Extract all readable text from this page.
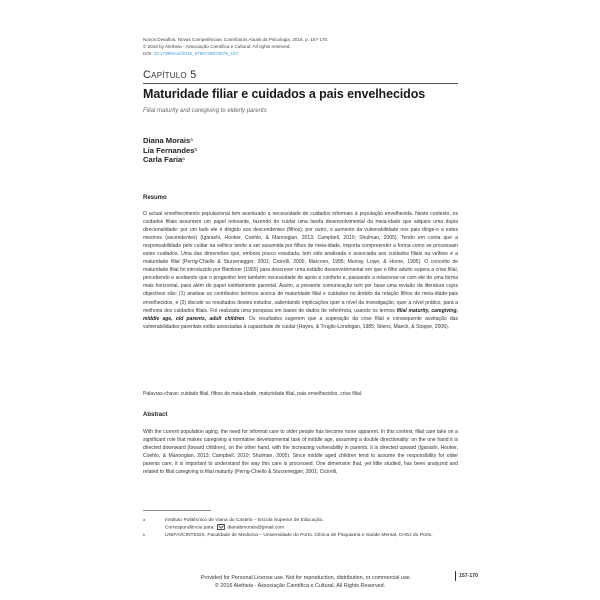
Novos Desafios, Novas Competências: Contributos Atuais da Psicologia, 2016, p. 157-170.
© 2016 by Aletheia - Associação Científica e Cultural. All rights reserved.
DOI 10.17990/Axi/2016_9789726972679_157
CAPÍTULO 5
Maturidade filiar e cuidados a pais envelhecidos
Filial maturity and caregiving to elderly parents
Diana Morais$^a$
Lia Fernandes$^b$
Carla Faria$^a$
Resumo
O actual envelhecimento populacional tem acentuado a necessidade de cuidados informais à população envelhecida. Neste contexto, os cuidados filiais assumem um papel relevante, fazendo do cuidar uma tarefa desenvolvimental da meia-idade que adquire uma dupla direcionalidade: por um lado ele é dirigido aos descendentes (filhos), por outro, o aumento da vulnerabilidade nos pais dirige-o a estes mesmos (ascendentes) (Igarashi, Hooker, Coehlo, & Manoogian, 2013; Campbell, 2010; Shulman, 2005). Tendo em conta que a responsabilidade pelo cuidar na velhice tende a ser assumida por filhos de meia-idade, importa compreender a forma como se processam estes cuidados. Uma das dimensões que, embora pouco estudada, tem sido analisada e associada aos cuidados filiais na velhice é a maturidade filial (Perrig-Chiello & Sturzenegger, 2001; Cicirelli, 2000, Marcoen, 1995; Murray, Lowe, & Horne, 1995). O conceito de maturidade filial foi introduzido por Blenkner (1965) para descrever uma estádio desenvolvimental em que o filho adulto supera a crise filial, percebendo e aceitando que o progenitor tem também necessidade de apoio e conforto e, passando a relacionar-se com ele de uma forma mais horizontal, para além do papel estritamente parental. Assim, a presente comunicação tem por base uma revisão da literatura cujos objectivos são: (1) analisar os contributos teóricos acerca de maturidade filial e cuidados no âmbito da relação filhos de meia-idade-pais envelhecidos, e (2) discutir os resultados destes estudos, salientando implicações quer a nível da investigação, quer a nível prático, para a melhoria dos cuidados filiais. Foi realizada uma pesquisa em bases de dados de referência, usando os termos filial maturity, caregiving, middle age, old parents, adult children. Os resultados sugerem que a superação da crise filial e consequente aceitação das vulnerabilidades parentais estão associadas à capacidade de cuidar (Hayes, & Truglio-Londrigan, 1985; Stiens, Maeck, & Stoppe, 2006).
Palavras-chave: cuidado filial, filhos de meia-idade, maturidade filial, pais envelhecidos, crise filial.
Abstract
With the current population aging, the need for informal care to older people has become more apparent. In this context, filial care take on a significant role that makes caregiving a normative developmental task of middle age, assuming a double directionality: on the one hand it is directed downward (toward children), on the other hand, with the increasing vulnerability in parents, it is directed upward (Igarashi, Hooker, Coehlo, & Manoogian, 2013; Campbell, 2010; Shulman, 2005). Since middle aged children tend to assume the responsibility for older parents care, it is important to understand the way this care is processed. One dimension that, yet little studied, has been analyzed and related to filial caregiving is filial maturity (Perrig-Chiello & Sturzenegger, 2001; Cicirelli,
a	Instituto Politécnico de Viana do Castelo – Escola Superior de Educação.
Correspondência para:	dianabmorais@gmail.com
b	UNIFAI/CINTESIS, Faculdade de Medicina – Universidade do Porto. Clínica de Psiquiatria e Saúde Mental, CHSJ do Porto.
157-170
Provided for Personal License use. Not for reproduction, distribution, or commercial use.
© 2016 Aletheia - Associação Científica e Cultural. All Rights Reserved.
